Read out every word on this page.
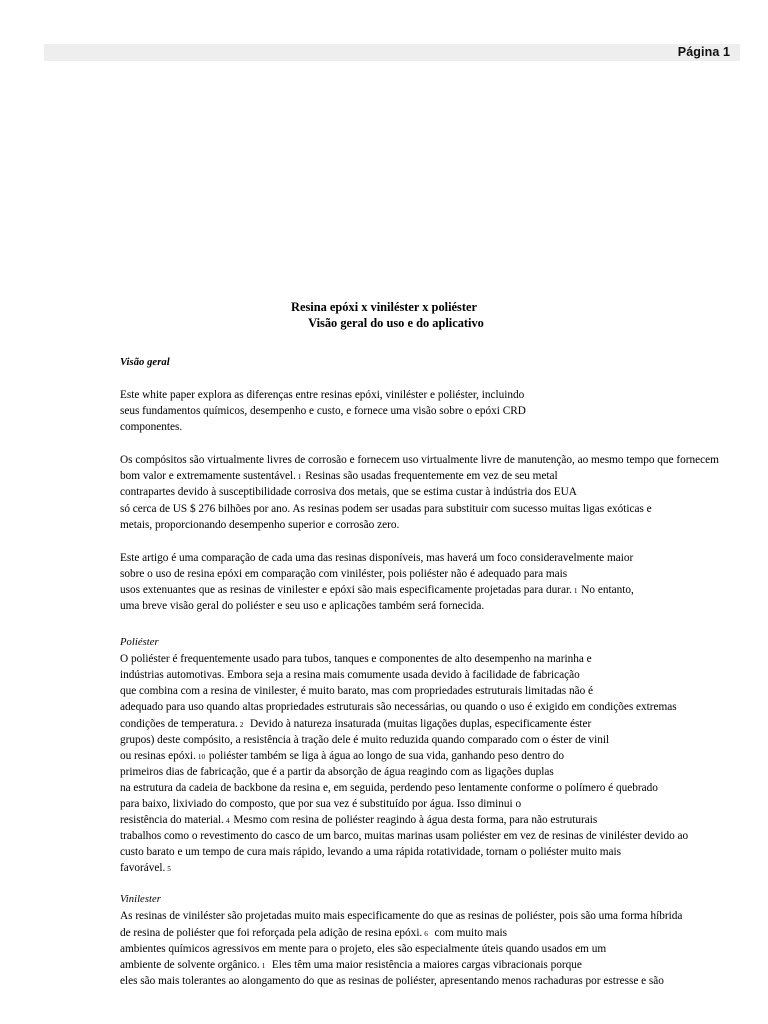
Página 1
Resina epóxi x viniléster x poliéster
Visão geral do uso e do aplicativo
Visão geral

Este white paper explora as diferenças entre resinas epóxi, viniléster e poliéster, incluindo
seus fundamentos químicos, desempenho e custo, e fornece uma visão sobre o epóxi CRD
componentes.

Os compósitos são virtualmente livres de corrosão e fornecem uso virtualmente livre de manutenção, ao mesmo tempo que fornecem
bom valor e extremamente sustentável. 1 Resinas são usadas frequentemente em vez de seu metal
contrapartes devido à susceptibilidade corrosiva dos metais, que se estima custar à indústria dos EUA
só cerca de US $ 276 bilhões por ano. As resinas podem ser usadas para substituir com sucesso muitas ligas exóticas e
metais, proporcionando desempenho superior e corrosão zero.

Este artigo é uma comparação de cada uma das resinas disponíveis, mas haverá um foco consideravelmente maior
sobre o uso de resina epóxi em comparação com viniléster, pois poliéster não é adequado para mais
usos extenuantes que as resinas de vinilester e epóxi são mais especificamente projetadas para durar. 1 No entanto,
uma breve visão geral do poliéster e seu uso e aplicações também será fornecida.

Poliéster

O poliéster é frequentemente usado para tubos, tanques e componentes de alto desempenho na marinha e
indústrias automotivas. Embora seja a resina mais comumente usada devido à facilidade de fabricação
que combina com a resina de vinilester, é muito barato, mas com propriedades estruturais limitadas não é
adequado para uso quando altas propriedades estruturais são necessárias, ou quando o uso é exigido em condições extremas
condições de temperatura. 2 Devido à natureza insaturada (muitas ligações duplas, especificamente éster
grupos) deste compósito, a resistência à tração dele é muito reduzida quando comparado com o éster de vinil
ou resinas epóxi. 10 poliéster também se liga à água ao longo de sua vida, ganhando peso dentro do
primeiros dias de fabricação, que é a partir da absorção de água reagindo com as ligações duplas
na estrutura da cadeia de backbone da resina e, em seguida, perdendo peso lentamente conforme o polímero é quebrado
para baixo, lixiviado do composto, que por sua vez é substituído por água. Isso diminui o
resistência do material. 4 Mesmo com resina de poliéster reagindo à água desta forma, para não estruturais
trabalhos como o revestimento do casco de um barco, muitas marinas usam poliéster em vez de resinas de viniléster devido ao
custo barato e um tempo de cura mais rápido, levando a uma rápida rotatividade, tornam o poliéster muito mais
favorável. 5

Vinilester

As resinas de viniléster são projetadas muito mais especificamente do que as resinas de poliéster, pois são uma forma híbrida
de resina de poliéster que foi reforçada pela adição de resina epóxi. 6 com muito mais
ambientes químicos agressivos em mente para o projeto, eles são especialmente úteis quando usados em um
ambiente de solvente orgânico. 1 Eles têm uma maior resistência a maiores cargas vibracionais porque
eles são mais tolerantes ao alongamento do que as resinas de poliéster, apresentando menos rachaduras por estresse e são
